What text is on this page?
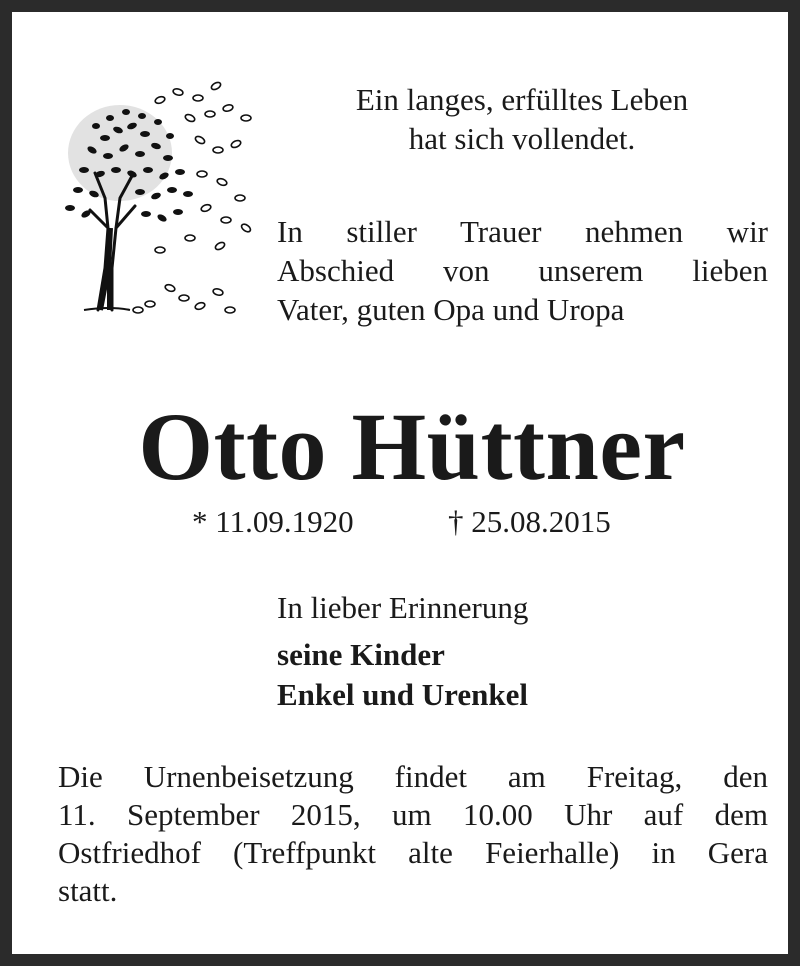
Ein langes, erfülltes Leben
hat sich vollendet.
In stiller Trauer nehmen wir
Abschied von unserem lieben
Vater, guten Opa und Uropa
Otto Hüttner
* 11.09.1920	† 25.08.2015
In lieber Erinnerung
seine Kinder
Enkel und Urenkel
Die Urnenbeisetzung findet am Freitag, den
11. September 2015, um 10.00 Uhr auf dem
Ostfriedhof (Treffpunkt alte Feierhalle) in Gera
statt.
